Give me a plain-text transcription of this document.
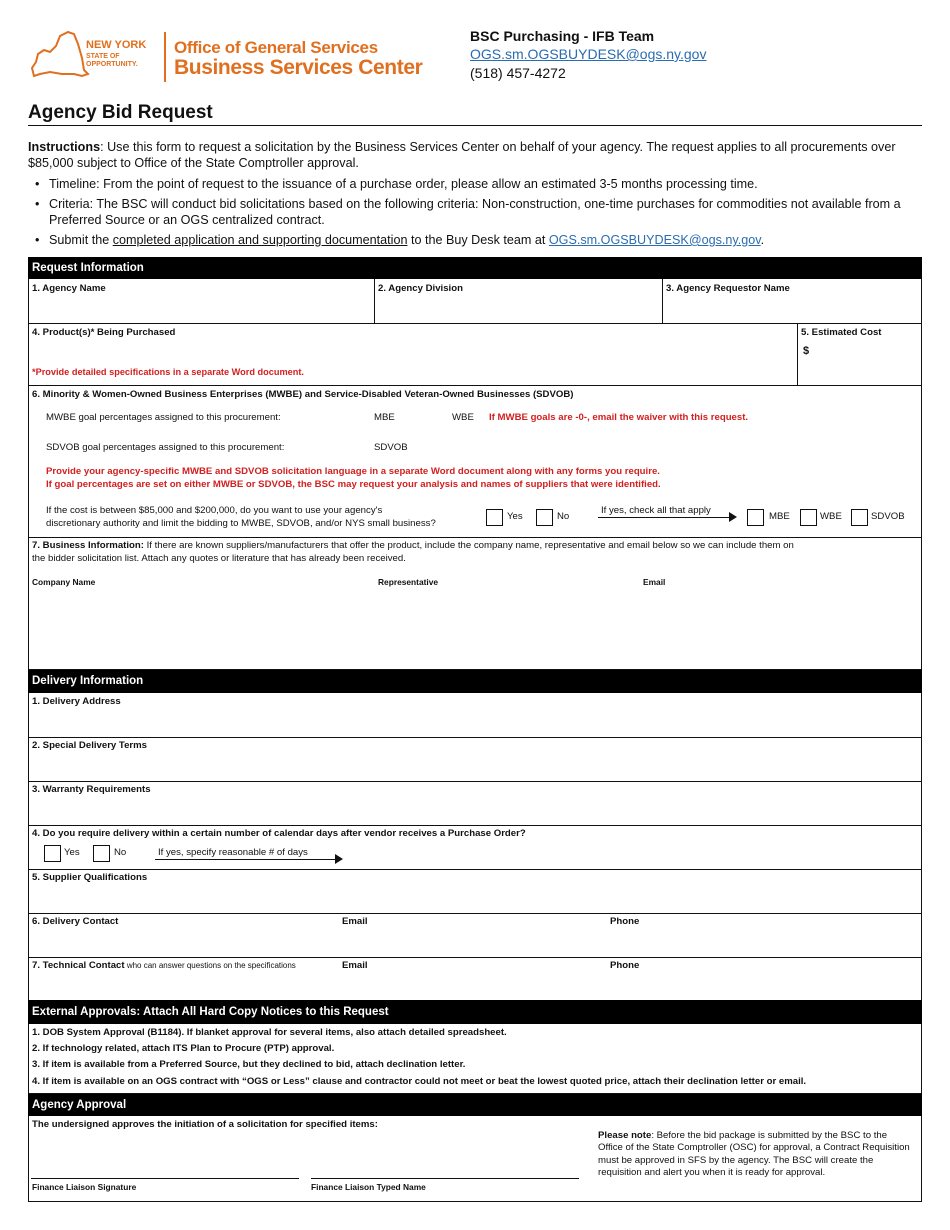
NEW YORK
STATE OF
OPPORTUNITY.
Office of General Services
Business Services Center
BSC Purchasing - IFB Team
OGS.sm.OGSBUYDESK@ogs.ny.gov
(518) 457-4272
Agency Bid Request
Instructions: Use this form to request a solicitation by the Business Services Center on behalf of your agency. The request applies to all procurements over $85,000 subject to Office of the State Comptroller approval.
• Timeline: From the point of request to the issuance of a purchase order, please allow an estimated 3-5 months processing time.
• Criteria: The BSC will conduct bid solicitations based on the following criteria: Non-construction, one-time purchases for commodities not available from a Preferred Source or an OGS centralized contract.
• Submit the completed application and supporting documentation to the Buy Desk team at OGS.sm.OGSBUYDESK@ogs.ny.gov.
Request Information
1. Agency Name	2. Agency Division	3. Agency Requestor Name
4. Product(s)* Being Purchased
*Provide detailed specifications in a separate Word document.
5. Estimated Cost
$
6. Minority & Women-Owned Business Enterprises (MWBE) and Service-Disabled Veteran-Owned Businesses (SDVOB)
MWBE goal percentages assigned to this procurement:	MBE	WBE If MWBE goals are -0-, email the waiver with this request.
SDVOB goal percentages assigned to this procurement:	SDVOB
Provide your agency-specific MWBE and SDVOB solicitation language in a separate Word document along with any forms you require.
If goal percentages are set on either MWBE or SDVOB, the BSC may request your analysis and names of suppliers that were identified.
If the cost is between $85,000 and $200,000, do you want to use your agency's
discretionary authority and limit the bidding to MWBE, SDVOB, and/or NYS small business?
Yes	No
If yes, check all that apply
MBE	WBE	SDVOB
7. Business Information: If there are known suppliers/manufacturers that offer the product, include the company name, representative and email below so we can include them on
the bidder solicitation list. Attach any quotes or literature that has already been received.
Company Name	Representative	Email
Delivery Information
1. Delivery Address
2. Special Delivery Terms
3. Warranty Requirements
4. Do you require delivery within a certain number of calendar days after vendor receives a Purchase Order?
Yes	No	If yes, specify reasonable # of days
5. Supplier Qualifications
6. Delivery Contact	Email	Phone
7. Technical Contact who can answer questions on the specifications	Email	Phone
External Approvals: Attach All Hard Copy Notices to this Request
1. DOB System Approval (B1184). If blanket approval for several items, also attach detailed spreadsheet.
2. If technology related, attach ITS Plan to Procure (PTP) approval.
3. If item is available from a Preferred Source, but they declined to bid, attach declination letter.
4. If item is available on an OGS contract with “OGS or Less” clause and contractor could not meet or beat the lowest quoted price, attach their declination letter or email.
Agency Approval
The undersigned approves the initiation of a solicitation for specified items:
Please note: Before the bid package is submitted by the BSC to the Office of the State Comptroller (OSC) for approval, a Contract Requisition must be approved in SFS by the agency. The BSC will create the requisition and alert you when it is ready for approval.
Finance Liaison Signature	Finance Liaison Typed Name
